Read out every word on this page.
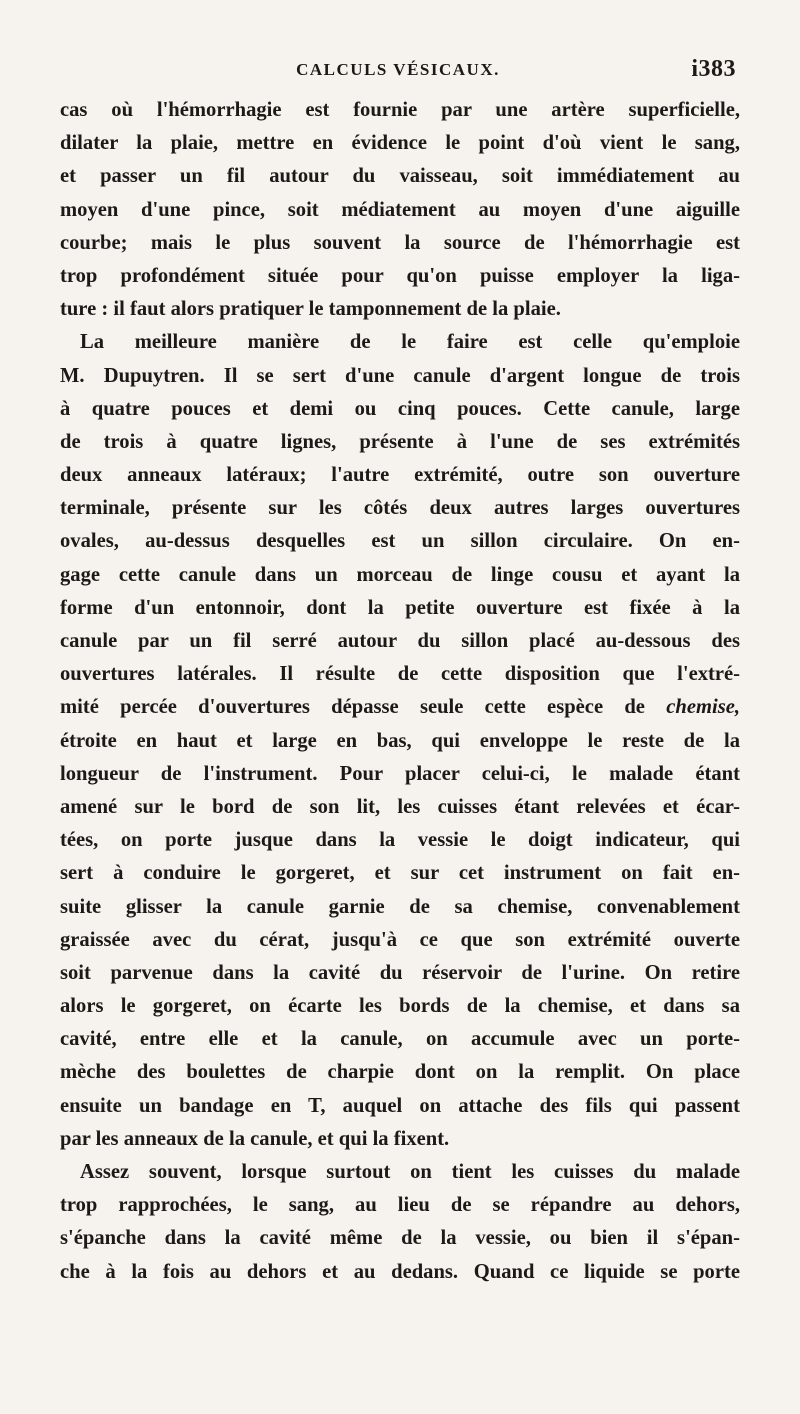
CALCULS VÉSICAUX.	i383
cas où l'hémorrhagie est fournie par une artère superficielle,
dilater la plaie, mettre en évidence le point d'où vient le sang,
et passer un fil autour du vaisseau, soit immédiatement au
moyen d'une pince, soit médiatement au moyen d'une aiguille
courbe; mais le plus souvent la source de l'hémorrhagie est
trop profondément située pour qu'on puisse employer la liga-
ture : il faut alors pratiquer le tamponnement de la plaie.
La meilleure manière de le faire est celle qu'emploie
M. Dupuytren. Il se sert d'une canule d'argent longue de trois
à quatre pouces et demi ou cinq pouces. Cette canule, large
de trois à quatre lignes, présente à l'une de ses extrémités
deux anneaux latéraux; l'autre extrémité, outre son ouverture
terminale, présente sur les côtés deux autres larges ouvertures
ovales, au-dessus desquelles est un sillon circulaire. On en-
gage cette canule dans un morceau de linge cousu et ayant la
forme d'un entonnoir, dont la petite ouverture est fixée à la
canule par un fil serré autour du sillon placé au-dessous des
ouvertures latérales. Il résulte de cette disposition que l'extré-
mité percée d'ouvertures dépasse seule cette espèce de chemise,
étroite en haut et large en bas, qui enveloppe le reste de la
longueur de l'instrument. Pour placer celui-ci, le malade étant
amené sur le bord de son lit, les cuisses étant relevées et écar-
tées, on porte jusque dans la vessie le doigt indicateur, qui
sert à conduire le gorgeret, et sur cet instrument on fait en-
suite glisser la canule garnie de sa chemise, convenablement
graissée avec du cérat, jusqu'à ce que son extrémité ouverte
soit parvenue dans la cavité du réservoir de l'urine. On retire
alors le gorgeret, on écarte les bords de la chemise, et dans sa
cavité, entre elle et la canule, on accumule avec un porte-
mèche des boulettes de charpie dont on la remplit. On place
ensuite un bandage en T, auquel on attache des fils qui passent
par les anneaux de la canule, et qui la fixent.
Assez souvent, lorsque surtout on tient les cuisses du malade
trop rapprochées, le sang, au lieu de se répandre au dehors,
s'épanche dans la cavité même de la vessie, ou bien il s'épan-
che à la fois au dehors et au dedans. Quand ce liquide se porte
